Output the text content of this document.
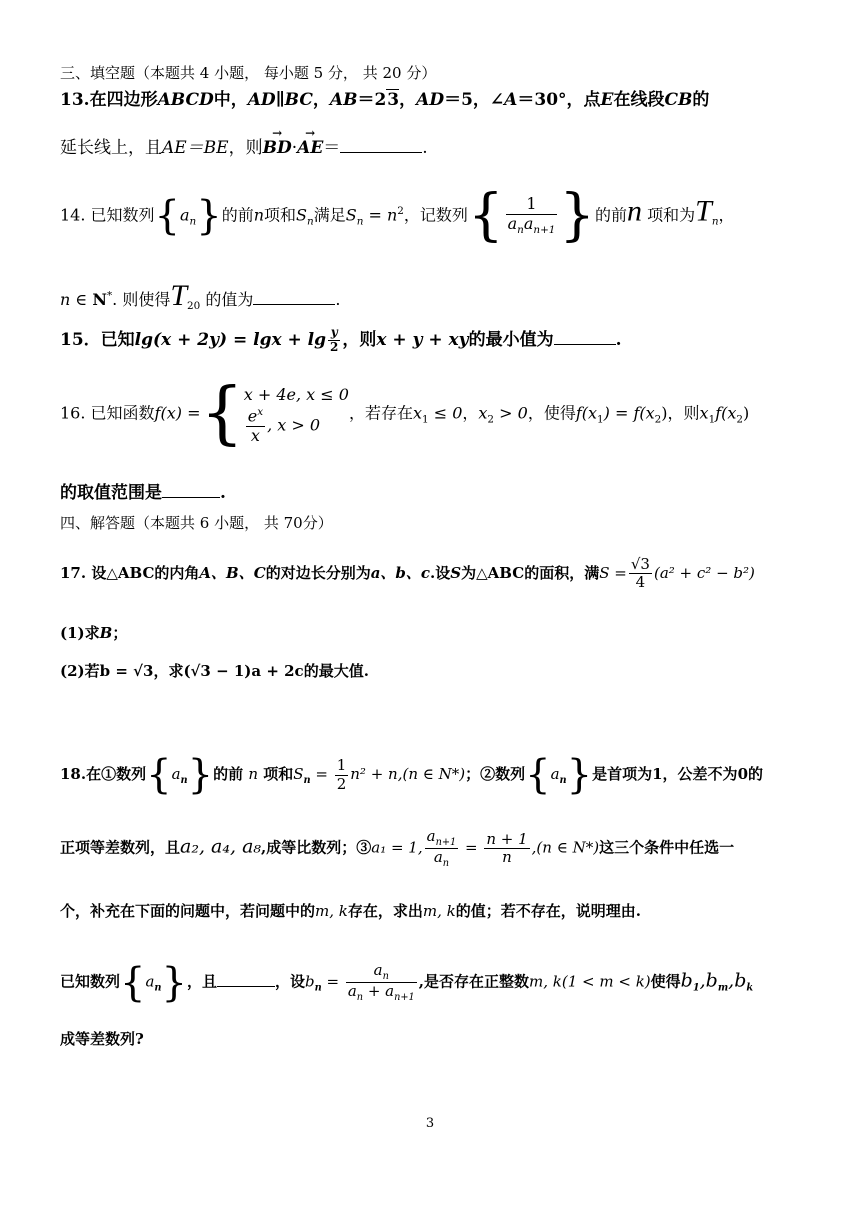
三、填空题（本题共 4 小题， 每小题 5 分， 共 20 分）
13.在四边形ABCD中，AD∥BC，AB＝23，AD＝5，∠A＝30°，点E在线段CB的
延长线上，且AE＝BE，则→ BD·→ AE＝	.
14. 已知数列$\{a_n\}$的前n项和$S_n$满足$S_n = n^2$，记数列{ $\frac{1}{a_na_{n+1}}$ }的前n 项和为$T_n$，
n ∈ N*. 则使得$T_{20}$ 的值为	.
15．已知$\lg(x + 2y) = \lg x + \lg \frac{y}{2}$ ，则x + y + xy的最小值为	.
16. 已知函数f(x) ={ x + 4e, x ≤ 0
$\frac{e^x}{x}$ , x > 0
，若存在$x_1 \le 0$，$x_2 > 0$，使得$f(x_1) = f(x_2)$，则$x_1f(x_2)$
的取值范围是	.
四、解答题（本题共 6 小题， 共 70分）
17. 设△ABC的内角A、B、C的对边长分别为a、b、c.设S为△ABC的面积，满$S = \frac{√3}{4} (a^2 + c^2 - b^2)$
(1)求B；
(2)若b = √3，求(√3 − 1)a + 2c的最大值.
18.在①数列$\{a_n\}$的前 n 项和$S_n = \frac{1}{2} n^2 + n,(n$ ∈ N*)；②数列$\{a_n\}$是首项为1，公差不为0的
正项等差数列，且a₂, a₄, a₈,成等比数列；③a₁ = 1, $\frac{a_{n+1}}{a_n} = \frac{n + 1}{n} ,(n$ ∈ N*)这三个条件中任选一
个，补充在下面的问题中，若问题中的m, k存在，求出m, k的值；若不存在，说明理由.
已知数列$\{a_n\}$，且	，设$b_n = \frac{a_n}{a_n + a_{n+1}}$ ,是否存在正整数m, k(1 < m < k)使得$b_1,b_m,b_k$
成等差数列?
3
